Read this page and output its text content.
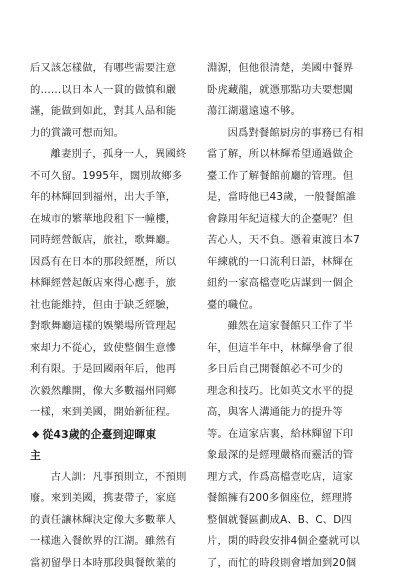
后又該怎樣做，有哪些需要注意
的……以日本人一貫的做慎和嚴
謹，能做到如此，對其人品和能
力的賞識可想而知。
離妻別子，孤身一人，異國終
不可久留。1995年，闊別故鄉多
年的林輝回到福州，出大手筆，
在城市的繁華地段租下一幢樓，
同時經營飯店，旅社，歌舞廳。
因爲有在日本的那段經歷，所以
林輝經營起飯店來得心應手，旅
社也能維持，但由于缺乏經驗，
對歌舞廳這樣的娛樂場所管理起
來却力不從心，致使整個生意慘
利有限。于是回國兩年后，他再
次毅然離開，像大多數福州同鄉
一樣，來到美國，開始新征程。
◆ 從43歲的企臺到迎暉東
主
古人訓：凡事預則立，不預則
廢。來到美國，携妻帶子，家庭
的責任讓林輝決定像大多數華人
一樣進入餐飲界的江湖。雖然有
當初留學日本時那段與餐飲業的
淵源，但他很清楚，美國中餐界
卧虎藏龍，就憑那點功夫要想闖
蕩江湖還遠遠不够。
因爲對餐館厨房的事務已有相
當了解，所以林輝希望通過做企
臺工作了解餐館前廳的管理。但
是，當時他已43歲，一般餐館誰
會錄用年紀這樣大的企臺呢？但
苦心人，天不負。憑着東渡日本7
年練就的一口流利日語，林輝在
紐約一家高檔壹吃店謀到一個企
臺的職位。
雖然在這家餐館只工作了半
年，但這半年中，林輝學會了很
多日后自己開餐館必不可少的
理念和技巧。比如英文水平的提
高，與客人溝通能力的提升等
等。在這家店裏，給林輝留下印
象最深的是經理嚴格而靈活的管
理方式，作爲高檔壹吃店，這家
餐館擁有200多個座位，經理將
整個就餐區劃成A、B、C、D四
片，閑的時段安排4個企臺就可以
了，而忙的時段則會增加到20個
